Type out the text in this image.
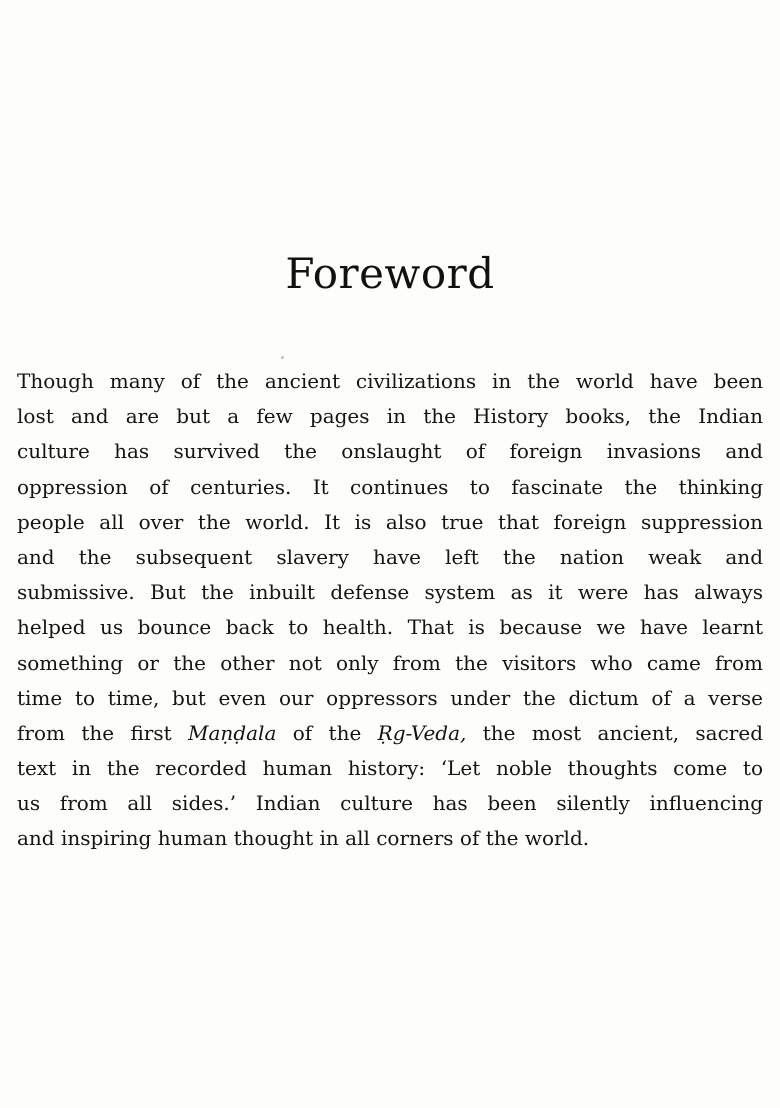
Foreword
Though many of the ancient civilizations in the world have been
lost and are but a few pages in the History books, the Indian
culture has survived the onslaught of foreign invasions and
oppression of centuries. It continues to fascinate the thinking
people all over the world. It is also true that foreign suppression
and the subsequent slavery have left the nation weak and
submissive. But the inbuilt defense system as it were has always
helped us bounce back to health. That is because we have learnt
something or the other not only from the visitors who came from
time to time, but even our oppressors under the dictum of a verse
from the first Maṇḍala of the Ṛg-Veda, the most ancient, sacred
text in the recorded human history: ‘Let noble thoughts come to
us from all sides.’ Indian culture has been silently influencing
and inspiring human thought in all corners of the world.
